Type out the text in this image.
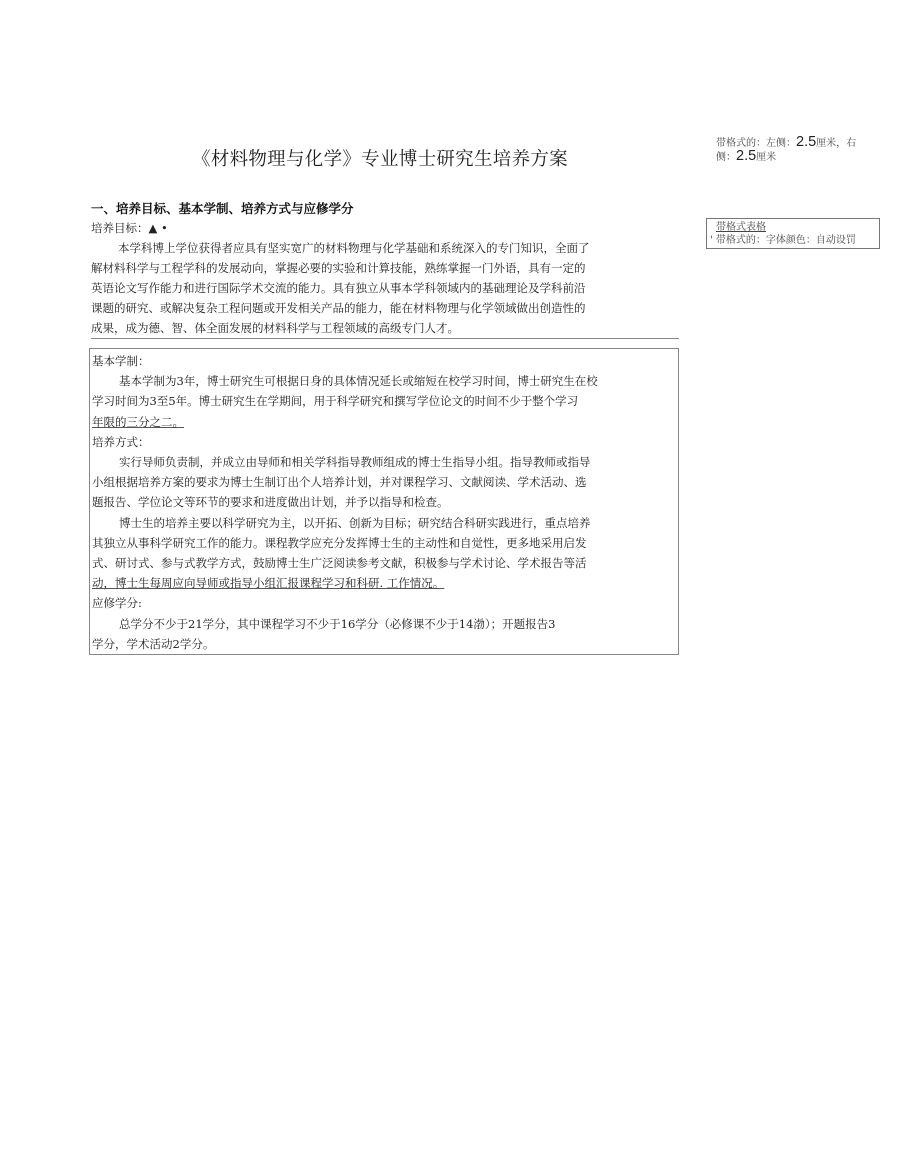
《材料物理与化学》专业博士研究生培养方案
带格式的：左侧：2.5厘米，右
侧：2.5厘米
带格式表格
' 带格式的：字体颜色：自动设罚
一、培养目标、基本学制、培养方式与应修学分

培养目标：▲ •

本学科博上学位获得者应具有坚实宽广的材料物理与化学基础和系统深入的专门知识，全面了

解材料科学与工程学科的发展动向，掌握必要的实验和计算技能，熟练掌握一门外语，具有一定的

英语论文写作能力和进行国际学术交流的能力。具有独立从事本学科领域内的基础理论及学科前沿

课题的研究、或解决复杂工程问题或开发相关产品的能力，能在材料物理与化学领域做出创造性的

成果，成为德、智、体全面发展的材料科学与工程领域的高级专门人才。

基本学制：

基本学制为3年，博士研究生可根据日身的具体情况延长或缩短在校学习时间，博士研究生在校

学习时间为3至5年。博士研究生在学期间，用于科学研究和撰写学位论文的时间不少于整个学习

年限的三分之二。

培养方式：

实行导师负责制，并成立由导师和相关学科指导教师组成的博士生指导小组。指导教师或指导

小组根据培养方案的要求为博士生制订出个人培养计划，并对课程学习、文献阅读、学术活动、选

题报告、学位论文等环节的要求和进度做出计划，并予以指导和检查。

博士生的培养主要以科学研究为主，以开拓、创新为目标；研究结合科研实践进行，重点培养

其独立从事科学研究工作的能力。课程教学应充分发挥博士生的主动性和自觉性，更多地采用启发

式、研讨式、参与式教学方式，鼓励博士生广泛阅读参考文献，积极参与学术讨论、学术报告等活

动，博士生每周应向导师或指导小组汇报课程学习和科研. 工作情况。

应修学分:

总学分不少于21学分，其中课程学习不少于16学分（必修课不少于14渤）；开题报告3

学分，学术活动2学分。
